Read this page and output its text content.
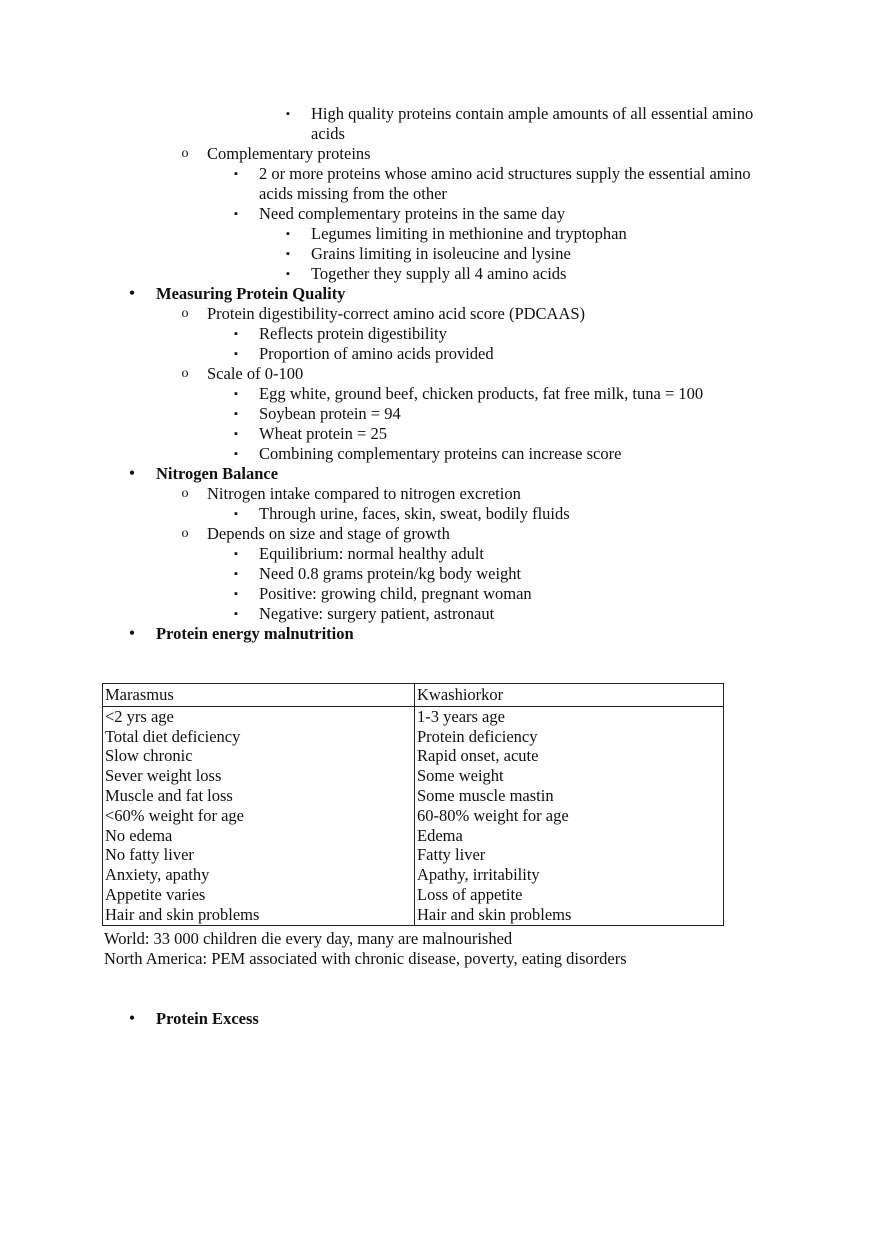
▪	High quality proteins contain ample amounts of all essential amino
acids
o Complementary proteins
▪	2 or more proteins whose amino acid structures supply the essential amino
acids missing from the other
▪	Need complementary proteins in the same day
▪	Legumes limiting in methionine and tryptophan
▪	Grains limiting in isoleucine and lysine
▪	Together they supply all 4 amino acids
• Measuring Protein Quality
o Protein digestibility-correct amino acid score (PDCAAS)
▪	Reflects protein digestibility
▪	Proportion of amino acids provided
o Scale of 0-100
▪	Egg white, ground beef, chicken products, fat free milk, tuna = 100
▪	Soybean protein = 94
▪	Wheat protein = 25
▪	Combining complementary proteins can increase score
• Nitrogen Balance
o Nitrogen intake compared to nitrogen excretion
▪	Through urine, faces, skin, sweat, bodily fluids
o Depends on size and stage of growth
▪	Equilibrium: normal healthy adult
▪	Need 0.8 grams protein/kg body weight
▪	Positive: growing child, pregnant woman
▪	Negative: surgery patient, astronaut
• Protein energy malnutrition
Marasmus	Kwashiorkor
<2 yrs age	1-3 years age
Total diet deficiency	Protein deficiency
Slow chronic	Rapid onset, acute
Sever weight loss	Some weight
Muscle and fat loss	Some muscle mastin
<60% weight for age	60-80% weight for age
No edema	Edema
No fatty liver	Fatty liver
Anxiety, apathy	Apathy, irritability
Appetite varies	Loss of appetite
Hair and skin problems	Hair and skin problems
World: 33 000 children die every day, many are malnourished
North America: PEM associated with chronic disease, poverty, eating disorders
• Protein Excess
